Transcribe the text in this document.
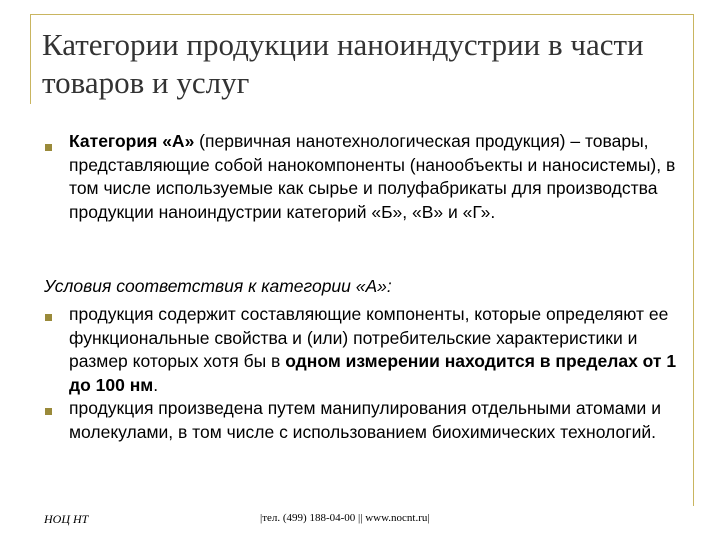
Категории продукции наноиндустрии в части товаров и услуг
Категория «А» (первичная нанотехнологическая продукция) – товары, представляющие собой нанокомпоненты (нанообъекты и наносистемы), в том числе используемые как сырье и полуфабрикаты для производства продукции наноиндустрии категорий «Б», «В» и «Г».
Условия соответствия к категории «А»:
продукция содержит составляющие компоненты, которые определяют ее функциональные свойства и (или) потребительские характеристики и размер которых хотя бы в одном измерении находится в пределах от 1 до 100 нм.
продукция произведена путем манипулирования отдельными атомами и молекулами, в том числе с использованием биохимических технологий.
НОЦ НТ	|тел. (499) 188-04-00 || www.nocnt.ru|
